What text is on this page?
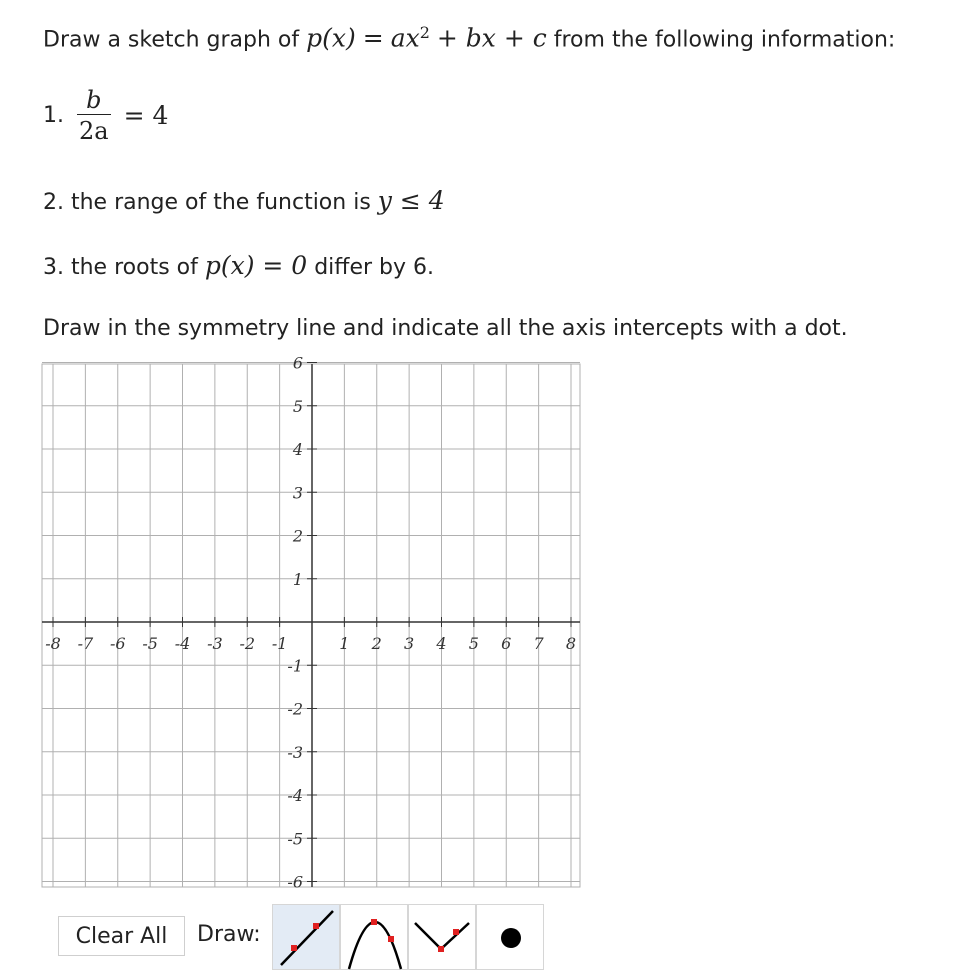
Draw a sketch graph of $p(x) = ax^2$ + bx + c from the following information:
1. $\frac{b}{2a} = 4$
2. the range of the function is y ≤ 4
3. the roots of p(x) = 0 differ by 6.
Draw in the symmetry line and indicate all the axis intercepts with a dot.
-8 -7 -6 -5 -4 -3 -2 -1	1 2 3 4 5 6 7 8
6
5
4
3
2
1
-1
-2
-3
-4
-5
-6
Clear All	Draw:
